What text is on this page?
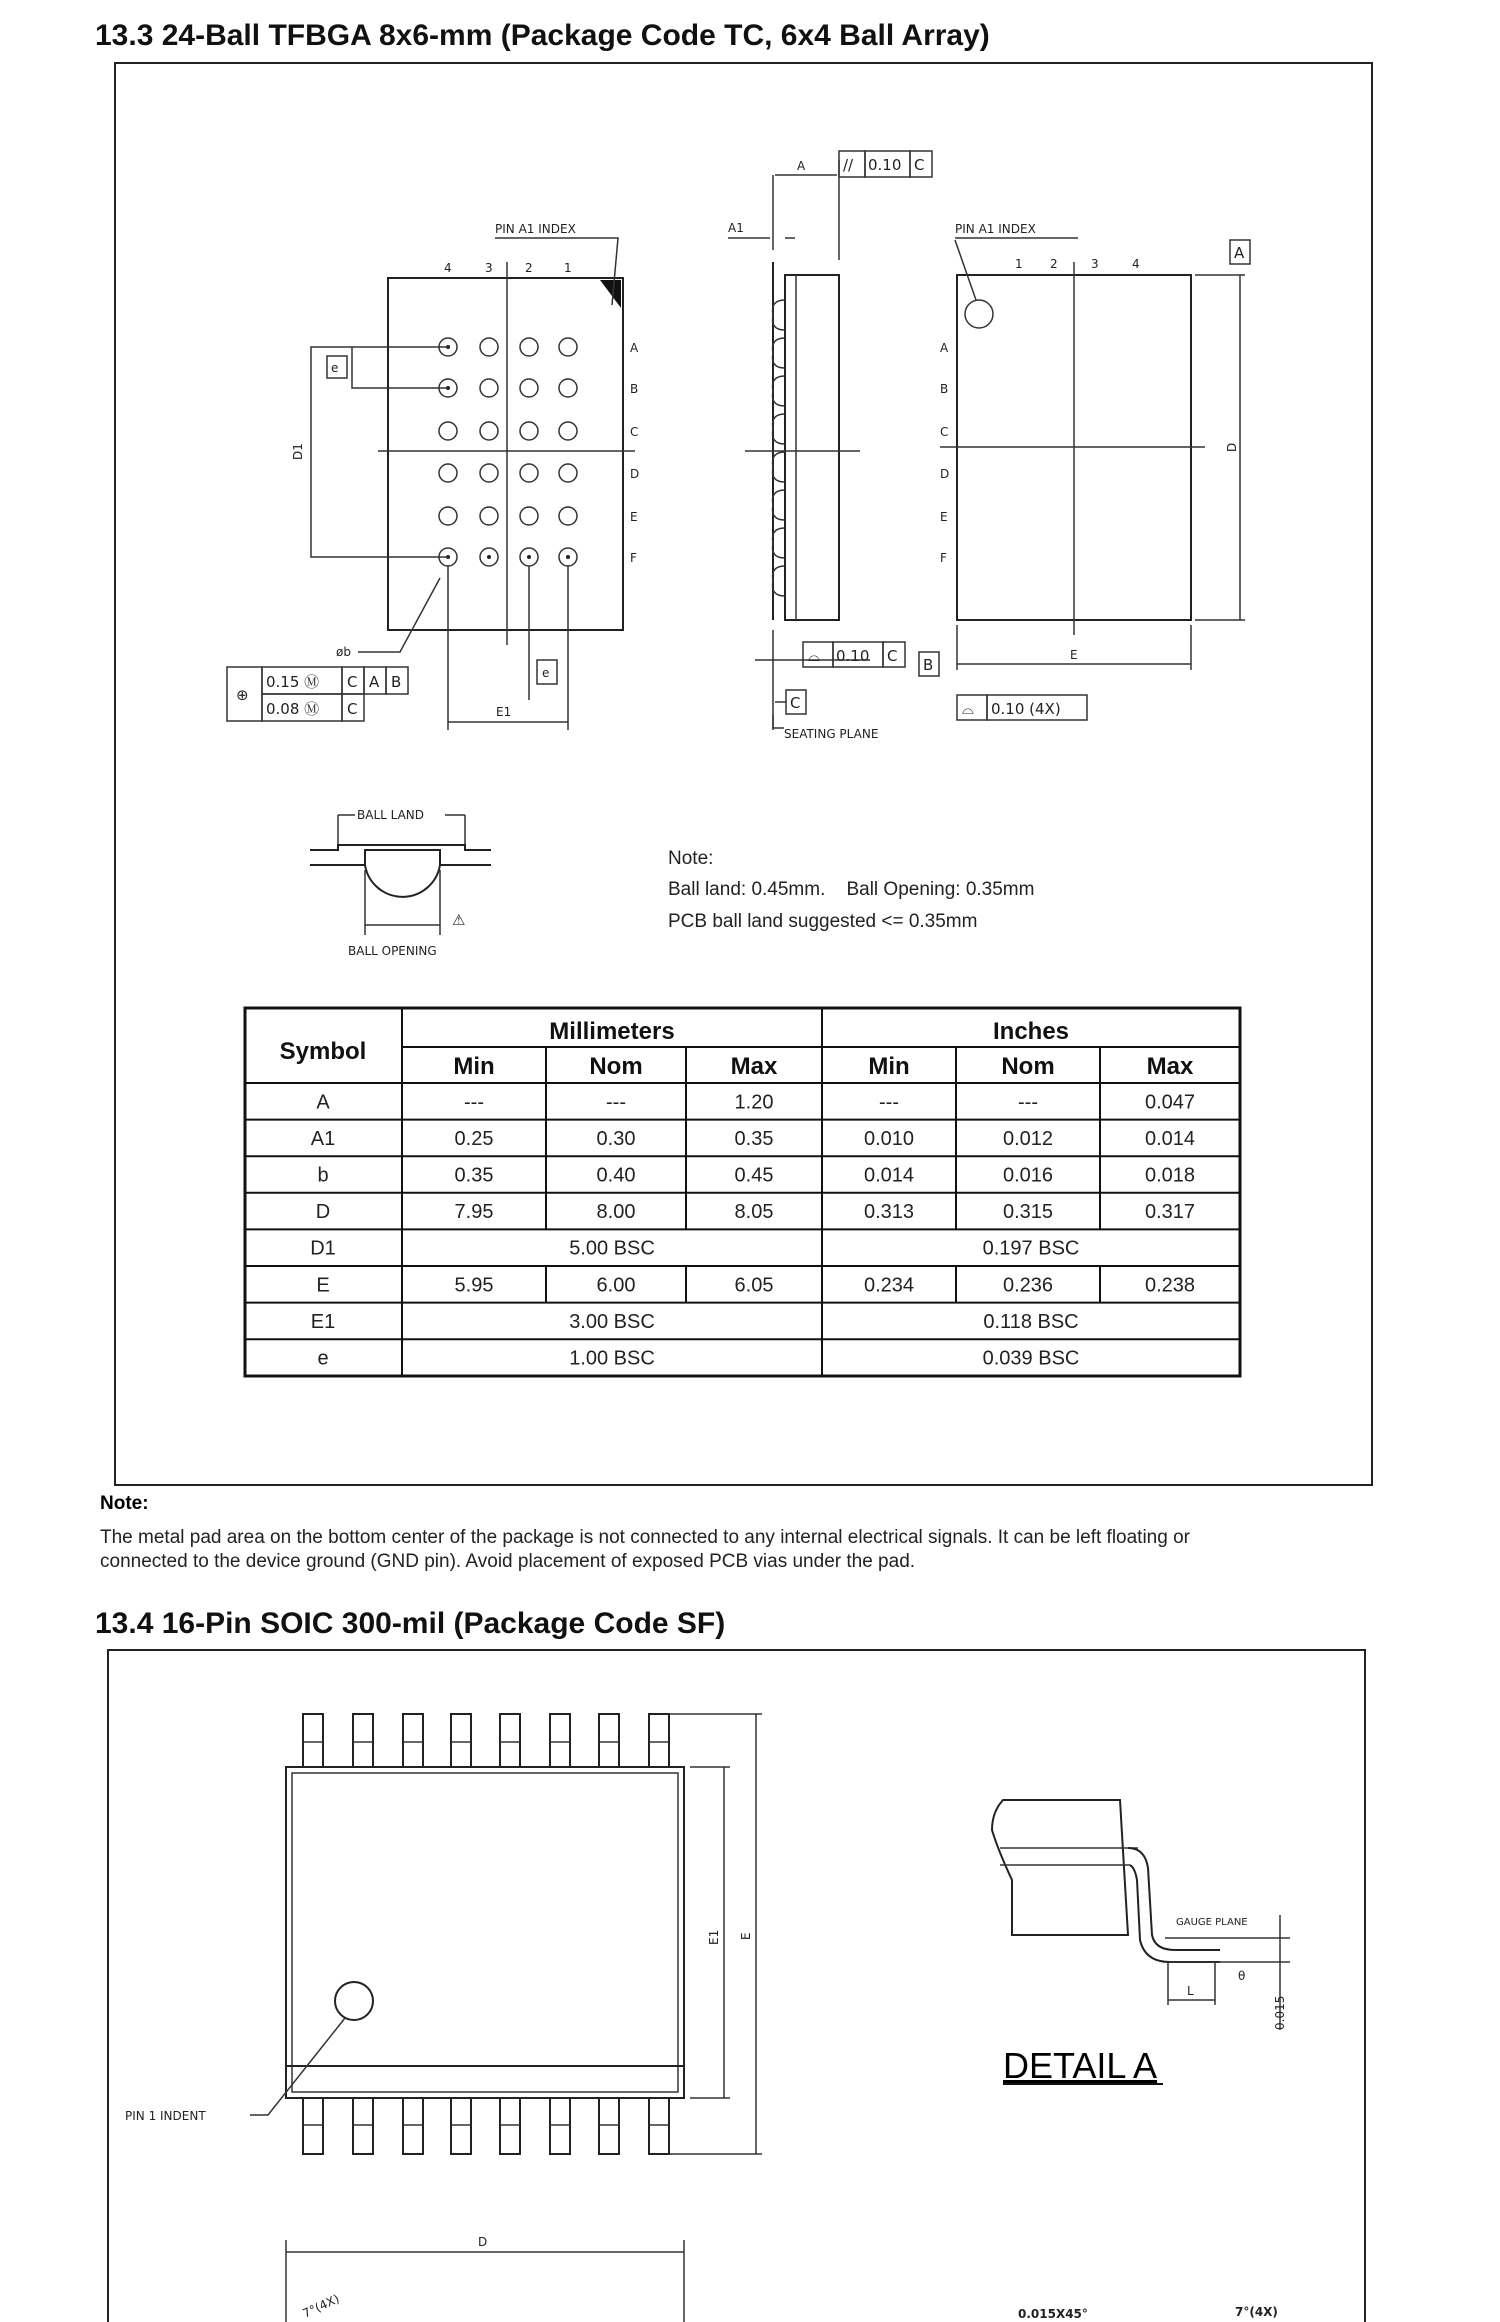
13.3 24-Ball TFBGA 8x6-mm (Package Code TC, 6x4 Ball Array)
4	3	2	1
A
B
C
D
E
F
PIN A1 INDEX
D1
e
øb
⊕
0.15 Ⓜ C A B
0.08 Ⓜ C	E1
e
A	// 0.10 C
A1
⌓ 0.10 C
C
SEATING PLANE
PIN A1 INDEX
1 2	3	4
A
B
C
D
E
F
A
D
E
B
⌓ 0.10 (4X)
BALL LAND
BALL OPENING
⚠
Note:
Ball land: 0.45mm.    Ball Opening: 0.35mm
PCB ball land suggested <= 0.35mm
Symbol
Millimeters	Inches
Min	Nom	Max	Min	Nom	Max
A	---	---	1.20	---	---	0.047
A1	0.25	0.30	0.35	0.010	0.012	0.014
b	0.35	0.40	0.45	0.014	0.016	0.018
D	7.95	8.00	8.05	0.313	0.315	0.317
D1	5.00 BSC	0.197 BSC
E	5.95	6.00	6.05	0.234	0.236	0.238
E1	3.00 BSC	0.118 BSC
e	1.00 BSC	0.039 BSC
Note:
The metal pad area on the bottom center of the package is not connected to any internal electrical signals. It can be left floating or
connected to the device ground (GND pin). Avoid placement of exposed PCB vias under the pad.
13.4 16-Pin SOIC 300-mil (Package Code SF)
PIN 1 INDENT
E1 E
GAUGE PLANE
L
θ
0.015
DETAIL A
D
7°(4X)	0.015X45°	7°(4X)
